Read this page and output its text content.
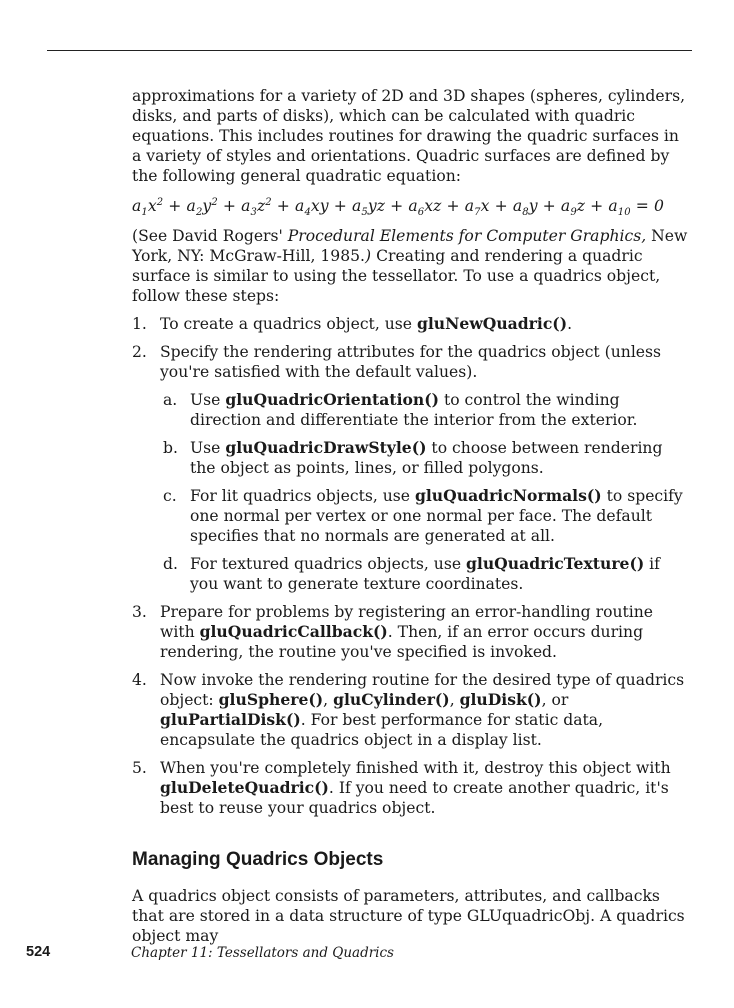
approximations for a variety of 2D and 3D shapes (spheres, cylinders, disks, and parts of disks), which can be calculated with quadric equations. This includes routines for drawing the quadric surfaces in a variety of styles and orientations. Quadric surfaces are defined by the following general quadratic equation:

$a_1x^2 + a_2y^2 + a_3z^2 + a_4xy + a_5yz + a_6xz + a_7x + a_8y + a_9z + a_{10} = 0$

(See David Rogers' Procedural Elements for Computer Graphics, New York, NY: McGraw-Hill, 1985.) Creating and rendering a quadric surface is similar to using the tessellator. To use a quadrics object, follow these steps:

1. To create a quadrics object, use gluNewQuadric().
2. Specify the rendering attributes for the quadrics object (unless you're satisfied with the default values).
a. Use gluQuadricOrientation() to control the winding direction and differentiate the interior from the exterior.
b. Use gluQuadricDrawStyle() to choose between rendering the object as points, lines, or filled polygons.
c. For lit quadrics objects, use gluQuadricNormals() to specify one normal per vertex or one normal per face. The default specifies that no normals are generated at all.
d. For textured quadrics objects, use gluQuadricTexture() if you want to generate texture coordinates.
3. Prepare for problems by registering an error-handling routine with gluQuadricCallback(). Then, if an error occurs during rendering, the routine you've specified is invoked.
4. Now invoke the rendering routine for the desired type of quadrics object: gluSphere(), gluCylinder(), gluDisk(), or gluPartialDisk(). For best performance for static data, encapsulate the quadrics object in a display list.
5. When you're completely finished with it, destroy this object with gluDeleteQuadric(). If you need to create another quadric, it's best to reuse your quadrics object.
Managing Quadrics Objects

A quadrics object consists of parameters, attributes, and callbacks that are stored in a data structure of type GLUquadricObj. A quadrics object may

524	Chapter 11: Tessellators and Quadrics
